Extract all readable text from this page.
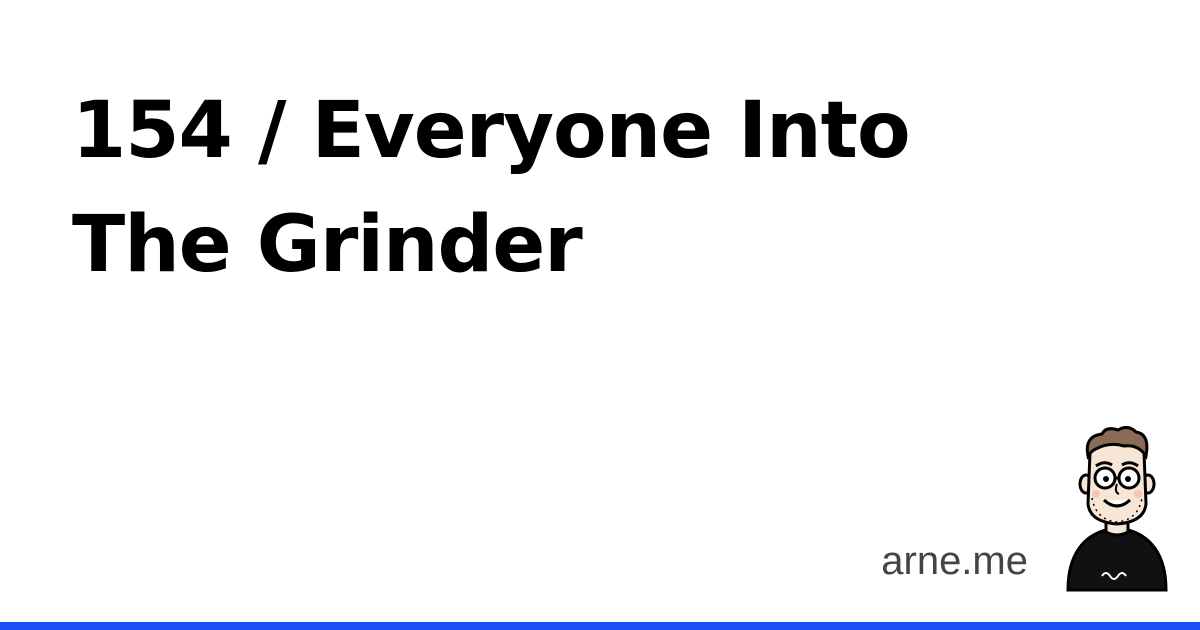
154 / Everyone Into The Grinder
arne.me
